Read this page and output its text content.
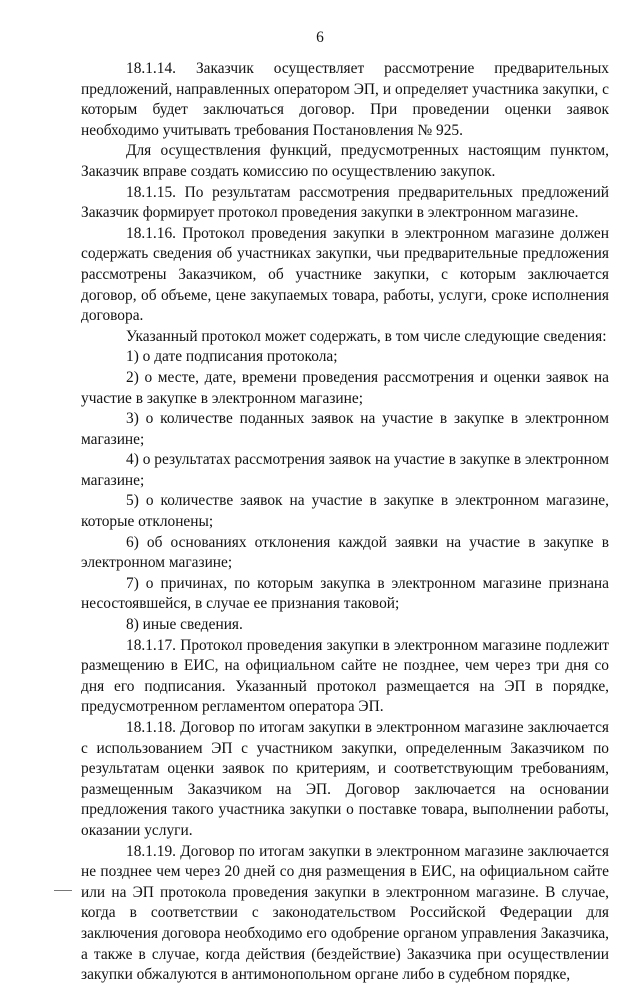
6

18.1.14. Заказчик осуществляет рассмотрение предварительных предложений, направленных оператором ЭП, и определяет участника закупки, с которым будет заключаться договор. При проведении оценки заявок необходимо учитывать требования Постановления № 925.

Для осуществления функций, предусмотренных настоящим пунктом, Заказчик вправе создать комиссию по осуществлению закупок.

18.1.15. По результатам рассмотрения предварительных предложений Заказчик формирует протокол проведения закупки в электронном магазине.

18.1.16. Протокол проведения закупки в электронном магазине должен содержать сведения об участниках закупки, чьи предварительные предложения рассмотрены Заказчиком, об участнике закупки, с которым заключается договор, об объеме, цене закупаемых товара, работы, услуги, сроке исполнения договора.

Указанный протокол может содержать, в том числе следующие сведения:

1) о дате подписания протокола;

2) о месте, дате, времени проведения рассмотрения и оценки заявок на участие в закупке в электронном магазине;

3) о количестве поданных заявок на участие в закупке в электронном магазине;

4) о результатах рассмотрения заявок на участие в закупке в электронном магазине;

5) о количестве заявок на участие в закупке в электронном магазине, которые отклонены;

6) об основаниях отклонения каждой заявки на участие в закупке в электронном магазине;

7) о причинах, по которым закупка в электронном магазине признана несостоявшейся, в случае ее признания таковой;

8) иные сведения.

18.1.17. Протокол проведения закупки в электронном магазине подлежит размещению в ЕИС, на официальном сайте не позднее, чем через три дня со дня его подписания. Указанный протокол размещается на ЭП в порядке, предусмотренном регламентом оператора ЭП.

18.1.18. Договор по итогам закупки в электронном магазине заключается с использованием ЭП с участником закупки, определенным Заказчиком по результатам оценки заявок по критериям, и соответствующим требованиям, размещенным Заказчиком на ЭП. Договор заключается на основании предложения такого участника закупки о поставке товара, выполнении работы, оказании услуги.

18.1.19. Договор по итогам закупки в электронном магазине заключается не позднее чем через 20 дней со дня размещения в ЕИС, на официальном сайте или на ЭП протокола проведения закупки в электронном магазине. В случае, когда в соответствии с законодательством Российской Федерации для заключения договора необходимо его одобрение органом управления Заказчика, а также в случае, когда действия (бездействие) Заказчика при осуществлении закупки обжалуются в антимонопольном органе либо в судебном порядке,
